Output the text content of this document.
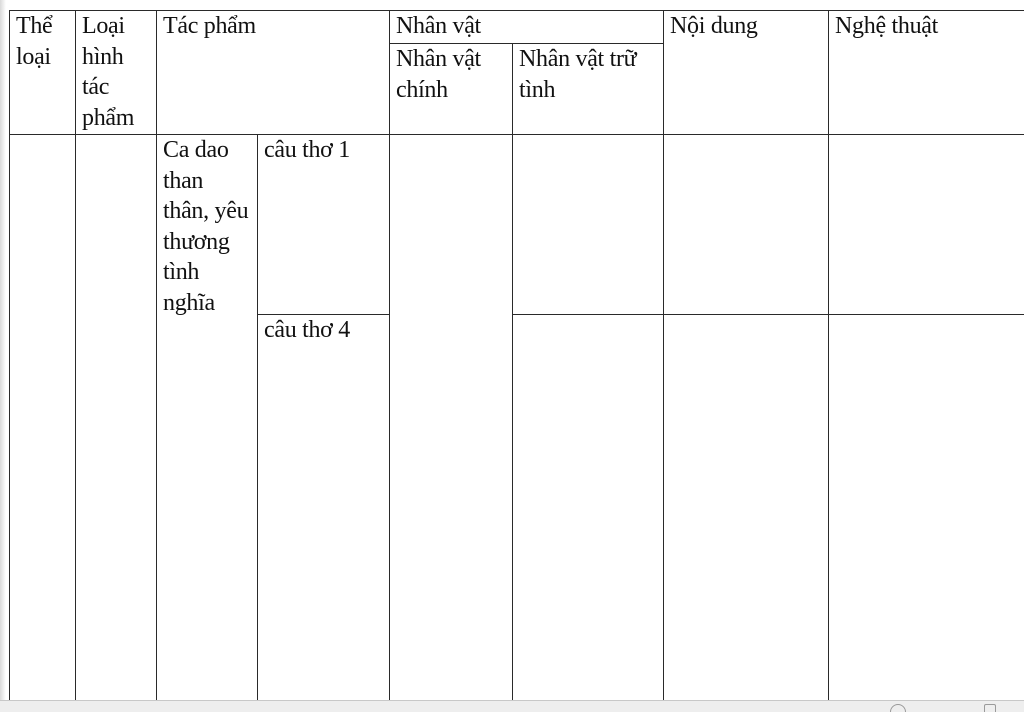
Thể loại	Loại hình tác phẩm	Tác phẩm		Nhân vật		Nội dung	Nghệ thuật
				Nhân vật chính	Nhân vật trữ tình		
		Ca dao than thân, yêu thương tình nghĩa	câu thơ 1				
			câu thơ 4				
